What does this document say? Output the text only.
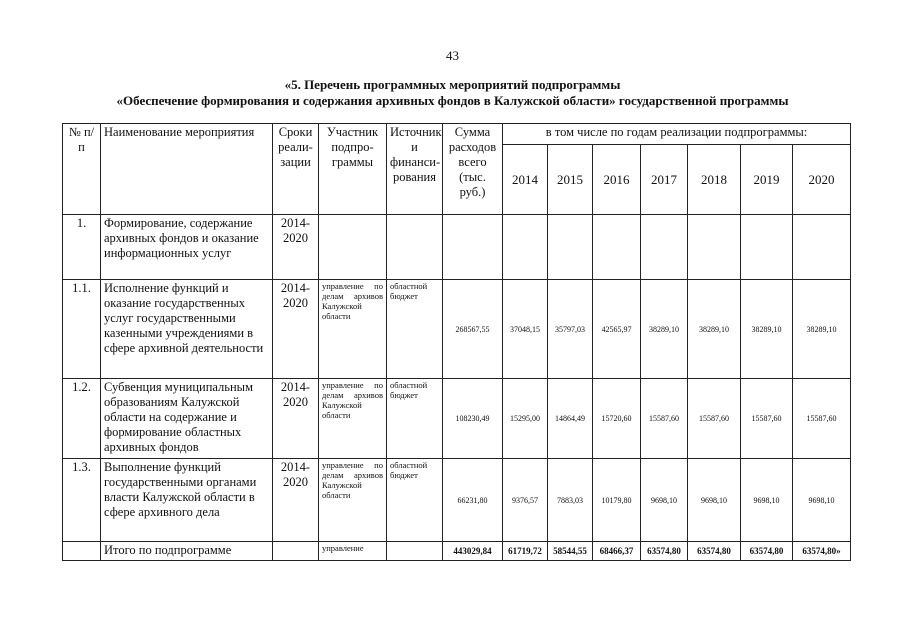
43
«5. Перечень программных мероприятий подпрограммы
«Обеспечение формирования и содержания архивных фондов в Калужской области» государственной программы
№ п/п	Наименование мероприятия	Сроки реали-зации	Участник подпро-граммы	Источник и финанси-рования	Сумма расходов всего (тыс. руб.)	в том числе по годам реализации подпрограммы:						
						2014	2015	2016	2017	2018	2019	2020
1.	Формирование, содержание архивных фондов и оказание информационных услуг	2014-2020										
1.1.	Исполнение функций и оказание государственных услуг государственными казенными учреждениями в сфере архивной деятельности	2014-2020	управление по делам архивов Калужской области	областной бюджет	268567,55	37048,15	35797,03	42565,97	38289,10	38289,10	38289,10	38289,10
1.2.	Субвенция муниципальным образованиям Калужской области на содержание и формирование областных архивных фондов	2014-2020	управление по делам архивов Калужской области	областной бюджет	108230,49	15295,00	14864,49	15720,60	15587,60	15587,60	15587,60	15587,60
1.3.	Выполнение функций государственными органами власти Калужской области в сфере архивного дела	2014-2020	управление по делам архивов Калужской области	областной бюджет	66231,80	9376,57	7883,03	10179,80	9698,10	9698,10	9698,10	9698,10
	Итого по подпрограмме		управление		443029,84	61719,72	58544,55	68466,37	63574,80	63574,80	63574,80	63574,80»
